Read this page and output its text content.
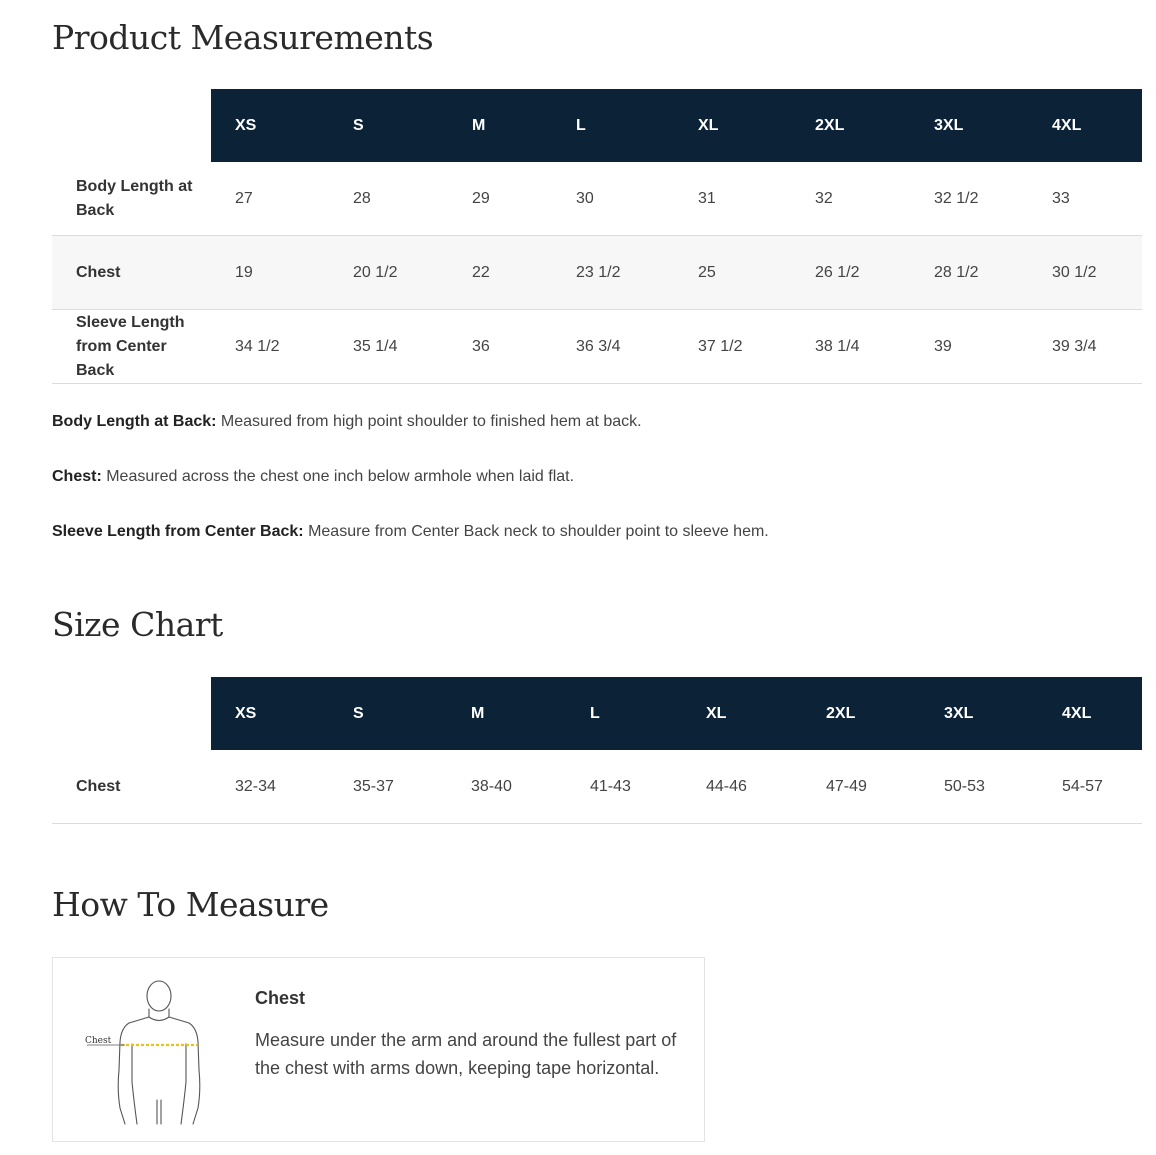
Product Measurements
	XS	S	M	L	XL	2XL	3XL	4XL
Body Length at Back	27	28	29	30	31	32	32 1/2	33
Chest	19	20 1/2	22	23 1/2	25	26 1/2	28 1/2	30 1/2
Sleeve Length from Center Back	34 1/2	35 1/4	36	36 3/4	37 1/2	38 1/4	39	39 3/4
Body Length at Back: Measured from high point shoulder to finished hem at back.
Chest: Measured across the chest one inch below armhole when laid flat.
Sleeve Length from Center Back: Measure from Center Back neck to shoulder point to sleeve hem.
Size Chart
	XS	S	M	L	XL	2XL	3XL	4XL
Chest	32-34	35-37	38-40	41-43	44-46	47-49	50-53	54-57
How To Measure
Chest
Chest
Measure under the arm and around the fullest part of the chest with arms down, keeping tape horizontal.
